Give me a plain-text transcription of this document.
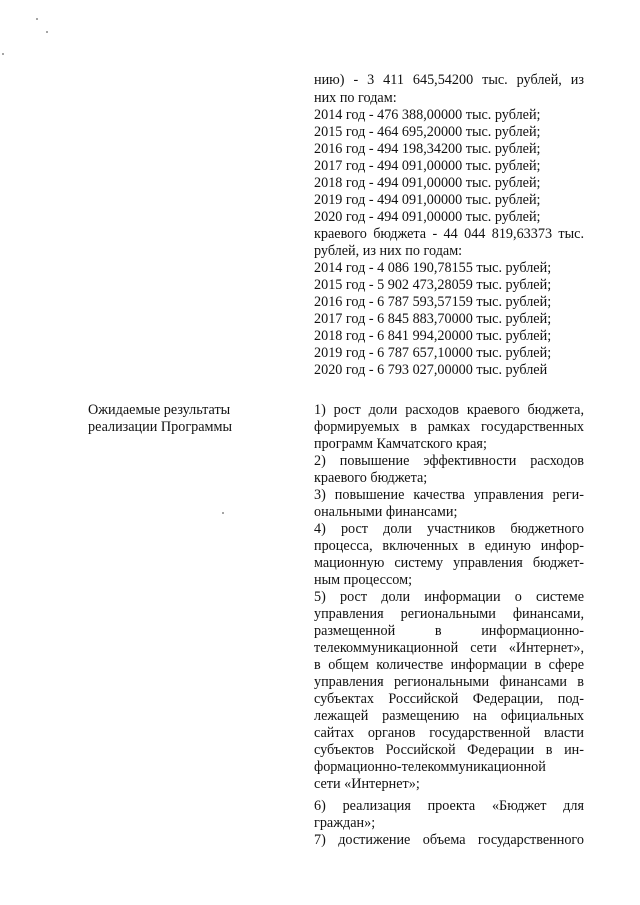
нию) - 3 411 645,54200 тыс. рублей, из
них по годам:
2014 год - 476 388,00000 тыс. рублей;
2015 год - 464 695,20000 тыс. рублей;
2016 год - 494 198,34200 тыс. рублей;
2017 год - 494 091,00000 тыс. рублей;
2018 год - 494 091,00000 тыс. рублей;
2019 год - 494 091,00000 тыс. рублей;
2020 год - 494 091,00000 тыс. рублей;
краевого бюджета - 44 044 819,63373 тыс.
рублей, из них по годам:
2014 год - 4 086 190,78155 тыс. рублей;
2015 год - 5 902 473,28059 тыс. рублей;
2016 год - 6 787 593,57159 тыс. рублей;
2017 год - 6 845 883,70000 тыс. рублей;
2018 год - 6 841 994,20000 тыс. рублей;
2019 год - 6 787 657,10000 тыс. рублей;
2020 год - 6 793 027,00000 тыс. рублей
Ожидаемые результаты
реализации Программы
1) рост доли расходов краевого бюджета,
формируемых в рамках государственных
программ Камчатского края;
2) повышение эффективности расходов
краевого бюджета;
3) повышение качества управления реги-
ональными финансами;
4) рост доли участников бюджетного
процесса, включенных в единую инфор-
мационную систему управления бюджет-
ным процессом;
5) рост доли информации о системе
управления региональными финансами,
размещенной в информационно-
телекоммуникационной сети «Интернет»,
в общем количестве информации в сфере
управления региональными финансами в
субъектах Российской Федерации, под-
лежащей размещению на официальных
сайтах органов государственной власти
субъектов Российской Федерации в ин-
формационно-телекоммуникационной
сети «Интернет»;
6) реализация проекта «Бюджет для
граждан»;
7) достижение объема государственного
